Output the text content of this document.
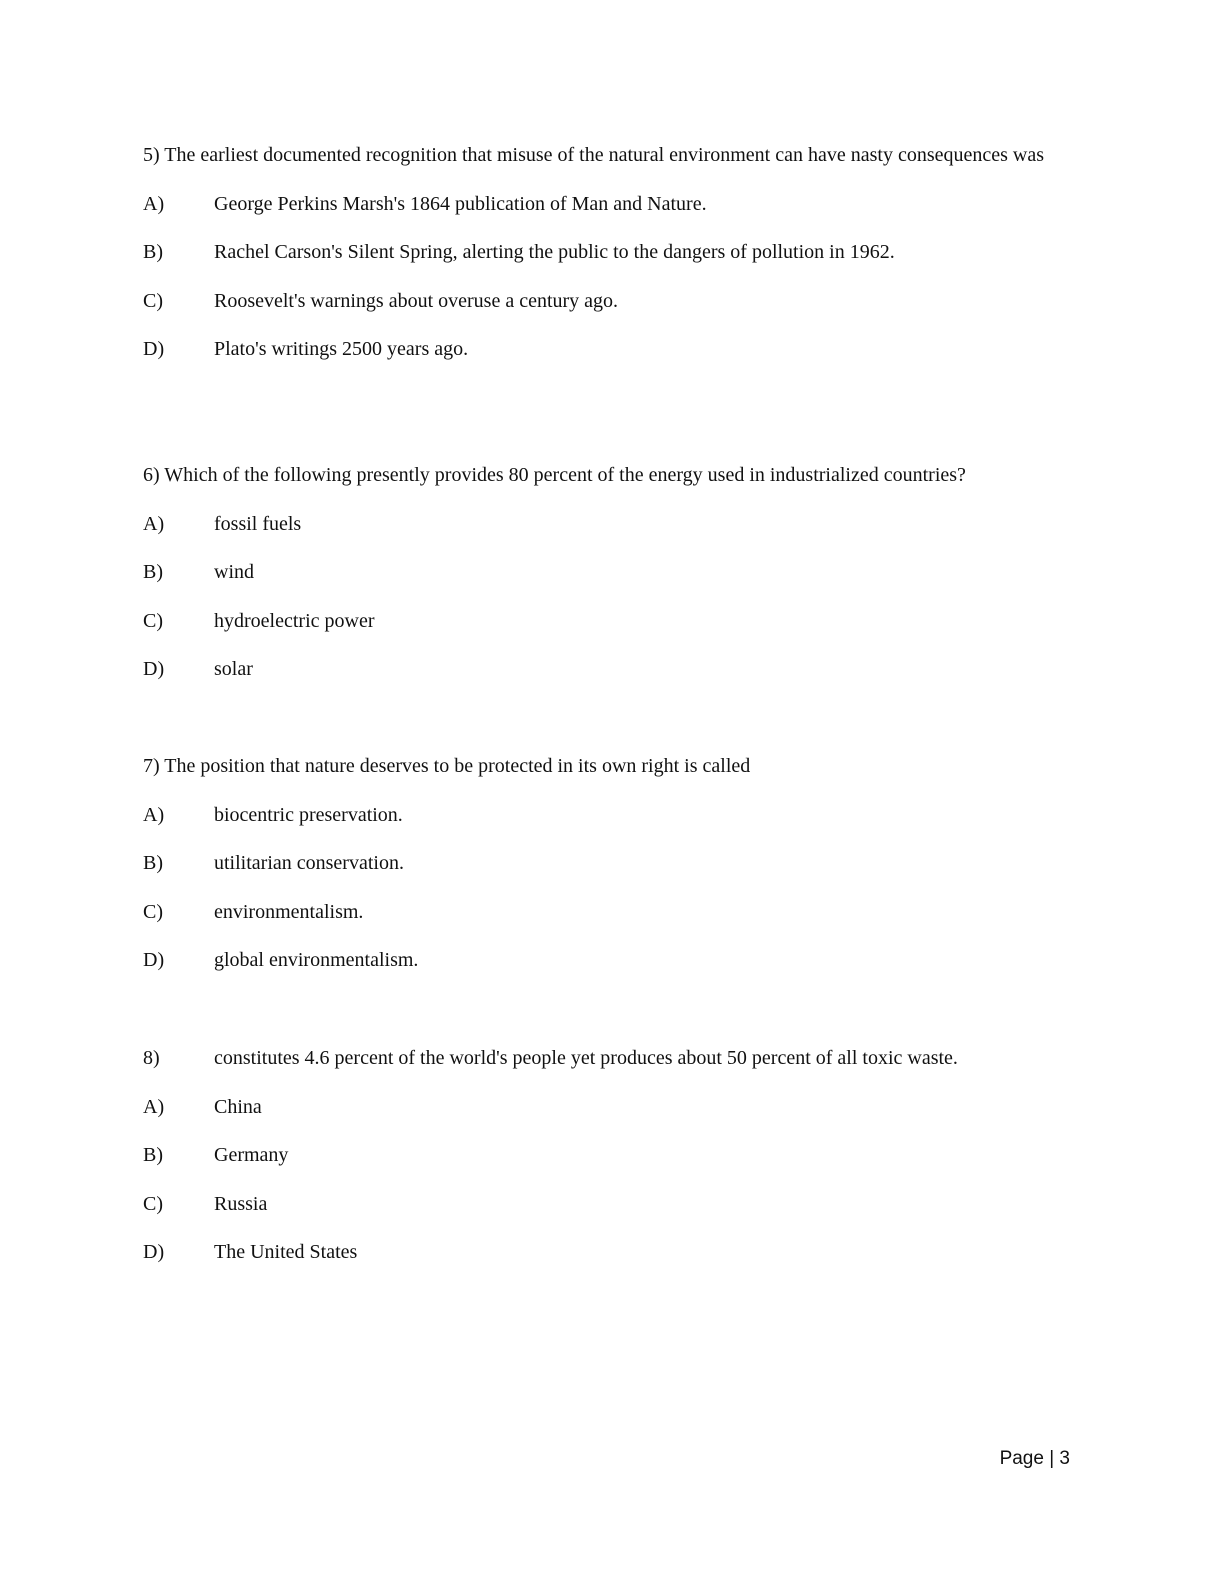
5) The earliest documented recognition that misuse of the natural environment can have nasty consequences was

A)	George Perkins Marsh's 1864 publication of Man and Nature.
B)	Rachel Carson's Silent Spring, alerting the public to the dangers of pollution in 1962.
C)	Roosevelt's warnings about overuse a century ago.
D)	Plato's writings 2500 years ago.

6) Which of the following presently provides 80 percent of the energy used in industrialized countries?

A)	fossil fuels
B)	wind
C)	hydroelectric power
D)	solar

7) The position that nature deserves to be protected in its own right is called

A)	biocentric preservation.
B)	utilitarian conservation.
C)	environmentalism.
D)	global environmentalism.
8)	constitutes 4.6 percent of the world's people yet produces about 50 percent of all toxic waste.
A)	China
B)	Germany
C)	Russia
D)	The United States
Page | 3
